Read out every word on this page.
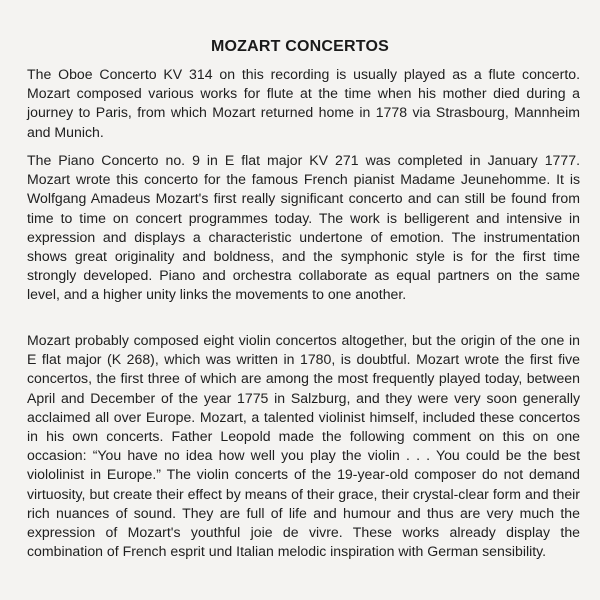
MOZART CONCERTOS

The Oboe Concerto KV 314 on this recording is usually played as a flute concerto. Mozart composed various works for flute at the time when his mother died during a journey to Paris, from which Mozart returned home in 1778 via Strasbourg, Mannheim and Munich.

The Piano Concerto no. 9 in E flat major KV 271 was completed in January 1777. Mozart wrote this concerto for the famous French pianist Madame Jeunehomme. It is Wolfgang Amadeus Mozart's first really significant concerto and can still be found from time to time on concert programmes today. The work is belligerent and intensive in expression and displays a characteristic undertone of emotion. The instrumentation shows great originality and boldness, and the symphonic style is for the first time strongly developed. Piano and orchestra collaborate as equal partners on the same level, and a higher unity links the movements to one another.

Mozart probably composed eight violin concertos altogether, but the origin of the one in E flat major (K 268), which was written in 1780, is doubtful. Mozart wrote the first five concertos, the first three of which are among the most frequently played today, between April and December of the year 1775 in Salzburg, and they were very soon generally acclaimed all over Europe. Mozart, a talented violinist himself, included these concertos in his own concerts. Father Leopold made the following comment on this on one occasion: “You have no idea how well you play the violin . . . You could be the best viololinist in Europe.” The violin concerts of the 19-year-old composer do not demand virtuosity, but create their effect by means of their grace, their crystal-clear form and their rich nuances of sound. They are full of life and humour and thus are very much the expression of Mozart's youthful joie de vivre. These works already display the combination of French esprit und Italian melodic inspiration with German sensibility.
